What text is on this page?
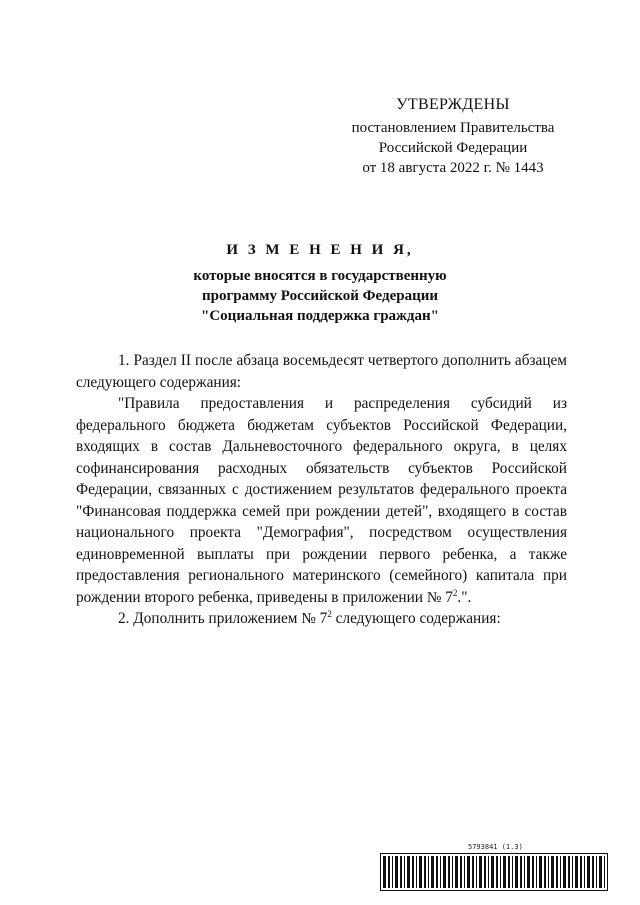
УТВЕРЖДЕНЫ
постановлением Правительства
Российской Федерации
от 18 августа 2022 г. № 1443
И З М Е Н Е Н И Я,
которые вносятся в государственную
программу Российской Федерации
"Социальная поддержка граждан"

1. Раздел II после абзаца восемьдесят четвертого дополнить абзацем следующего содержания:

"Правила предоставления и распределения субсидий из федерального бюджета бюджетам субъектов Российской Федерации, входящих в состав Дальневосточного федерального округа, в целях софинансирования расходных обязательств субъектов Российской Федерации, связанных с достижением результатов федерального проекта "Финансовая поддержка семей при рождении детей", входящего в состав национального проекта "Демография", посредством осуществления единовременной выплаты при рождении первого ребенка, а также предоставления регионального материнского (семейного) капитала при рождении второго ребенка, приведены в приложении № $7^2$.".

2. Дополнить приложением № $7^2$ следующего содержания:

5793841 (1.3)
